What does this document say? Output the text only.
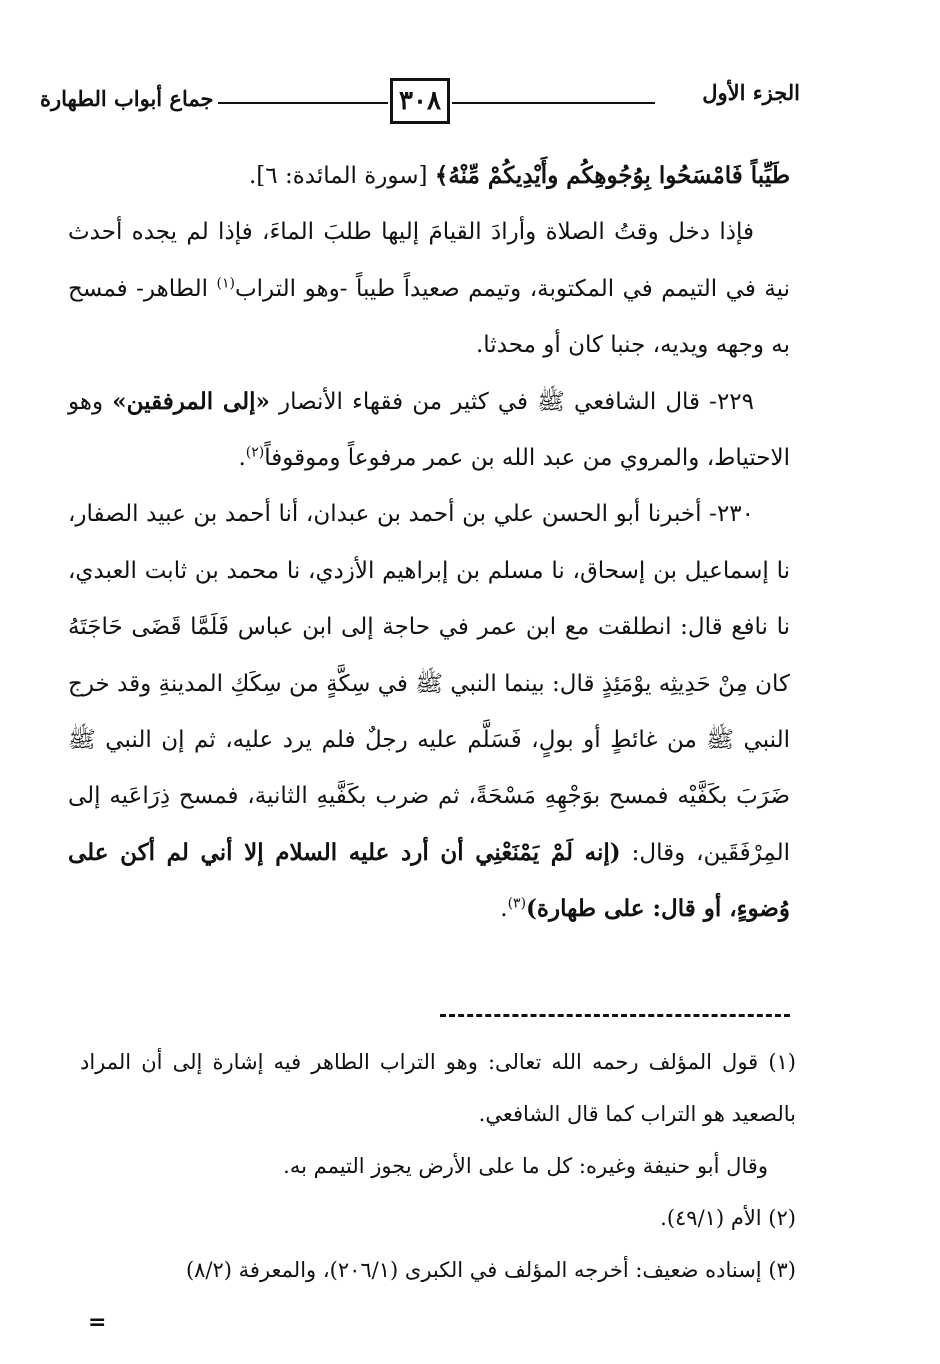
الجزء الأول
٣٠٨
جماع أبواب الطهارة

طَيِّباً فَامْسَحُوا بِوُجُوهِكُم وأَيْدِيكُمْ مِّنْهُ﴾ [سورة المائدة: ٦].

فإذا دخل وقتُ الصلاة وأرادَ القيامَ إليها طلبَ الماءَ، فإذا لم يجده أحدث نية في التيمم في المكتوبة، وتيمم صعيداً طيباً -وهو التراب$^{(١)}$ الطاهر- فمسح به وجهه ويديه، جنبا كان أو محدثا.

٢٢٩- قال الشافعي ﷺ في كثير من فقهاء الأنصار «إلى المرفقين» وهو الاحتياط، والمروي من عبد الله بن عمر مرفوعاً وموقوفاً$^{(٢)}$.

٢٣٠- أخبرنا أبو الحسن علي بن أحمد بن عبدان، أنا أحمد بن عبيد الصفار، نا إسماعيل بن إسحاق، نا مسلم بن إبراهيم الأزدي، نا محمد بن ثابت العبدي، نا نافع قال: انطلقت مع ابن عمر في حاجة إلى ابن عباس فَلَمَّا قَضَى حَاجَتَهُ كان مِنْ حَدِيثِه يوْمَئِذٍ قال: بينما النبي ﷺ في سِكَّةٍ من سِكَكِ المدينةِ وقد خرج النبي ﷺ من غائطٍ أو بولٍ، فَسَلَّم عليه رجلٌ فلم يرد عليه، ثم إن النبي ﷺ ضَرَبَ بكَفَّيْه فمسح بوَجْهِهِ مَسْحَةً، ثم ضرب بكَفَّيهِ الثانية، فمسح ذِرَاعَيه إلى المِرْفَقَين، وقال: (إنه لَمْ يَمْنَعْنِي أن أرد عليه السلام إلا أني لم أكن على وُضوءٍ، أو قال: على طهارة)$^{(٣)}$.

(١) قول المؤلف رحمه الله تعالى: وهو التراب الطاهر فيه إشارة إلى أن المراد بالصعيد هو التراب كما قال الشافعي.

وقال أبو حنيفة وغيره: كل ما على الأرض يجوز التيمم به.

(٢) الأم (٤٩/١).

(٣) إسناده ضعيف: أخرجه المؤلف في الكبرى (٢٠٦/١)، والمعرفة (٨/٢)

=
